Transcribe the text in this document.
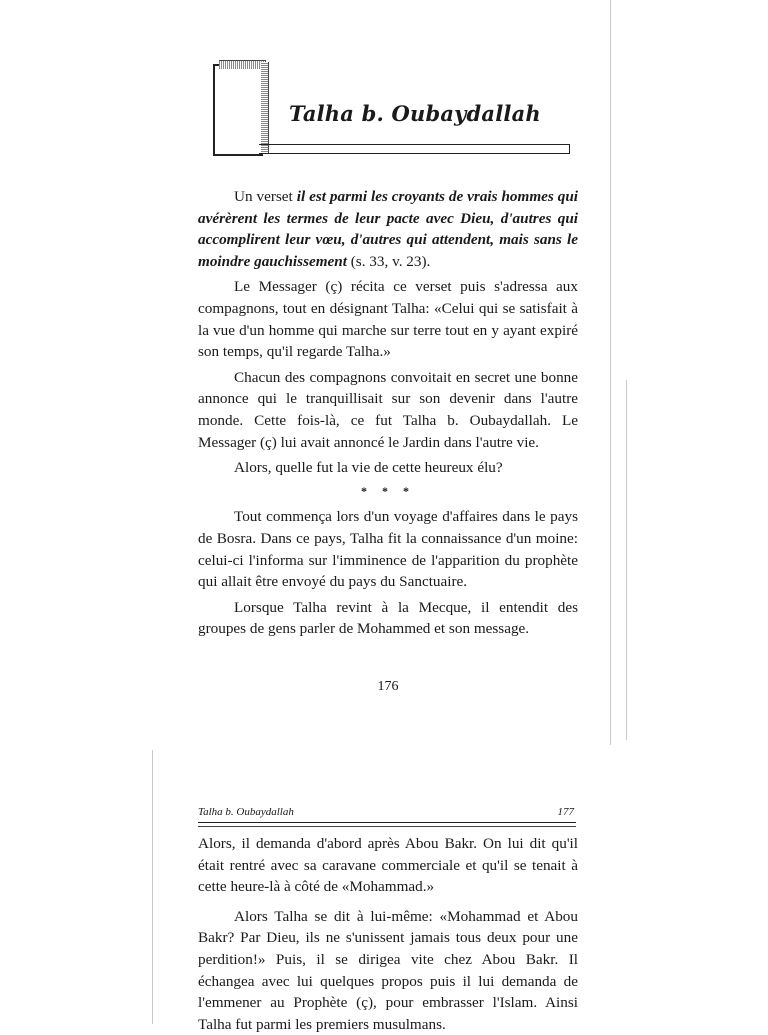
Talha b. Oubaydallah

Un verset il est parmi les croyants de vrais hommes qui avérèrent les termes de leur pacte avec Dieu, d'autres qui accomplirent leur vœu, d'autres qui attendent, mais sans le moindre gauchissement (s. 33, v. 23).

Le Messager (ç) récita ce verset puis s'adressa aux compagnons, tout en désignant Talha: «Celui qui se satisfait à la vue d'un homme qui marche sur terre tout en y ayant expiré son temps, qu'il regarde Talha.»

Chacun des compagnons convoitait en secret une bonne annonce qui le tranquillisait sur son devenir dans l'autre monde. Cette fois-là, ce fut Talha b. Oubaydallah. Le Messager (ç) lui avait annoncé le Jardin dans l'autre vie.

Alors, quelle fut la vie de cette heureux élu?

* * *

Tout commença lors d'un voyage d'affaires dans le pays de Bosra. Dans ce pays, Talha fit la connaissance d'un moine: celui-ci l'informa sur l'imminence de l'apparition du prophète qui allait être envoyé du pays du Sanctuaire.

Lorsque Talha revint à la Mecque, il entendit des groupes de gens parler de Mohammed et son message.

176
Talha b. Oubaydallah	177

Alors, il demanda d'abord après Abou Bakr. On lui dit qu'il était rentré avec sa caravane commerciale et qu'il se tenait à cette heure-là à côté de «Mohammad.»

Alors Talha se dit à lui-même: «Mohammad et Abou Bakr? Par Dieu, ils ne s'unissent jamais tous deux pour une perdition!» Puis, il se dirigea vite chez Abou Bakr. Il échangea avec lui quelques propos puis il lui demanda de l'emmener au Prophète (ç), pour embrasser l'Islam. Ainsi Talha fut parmi les premiers musulmans.
